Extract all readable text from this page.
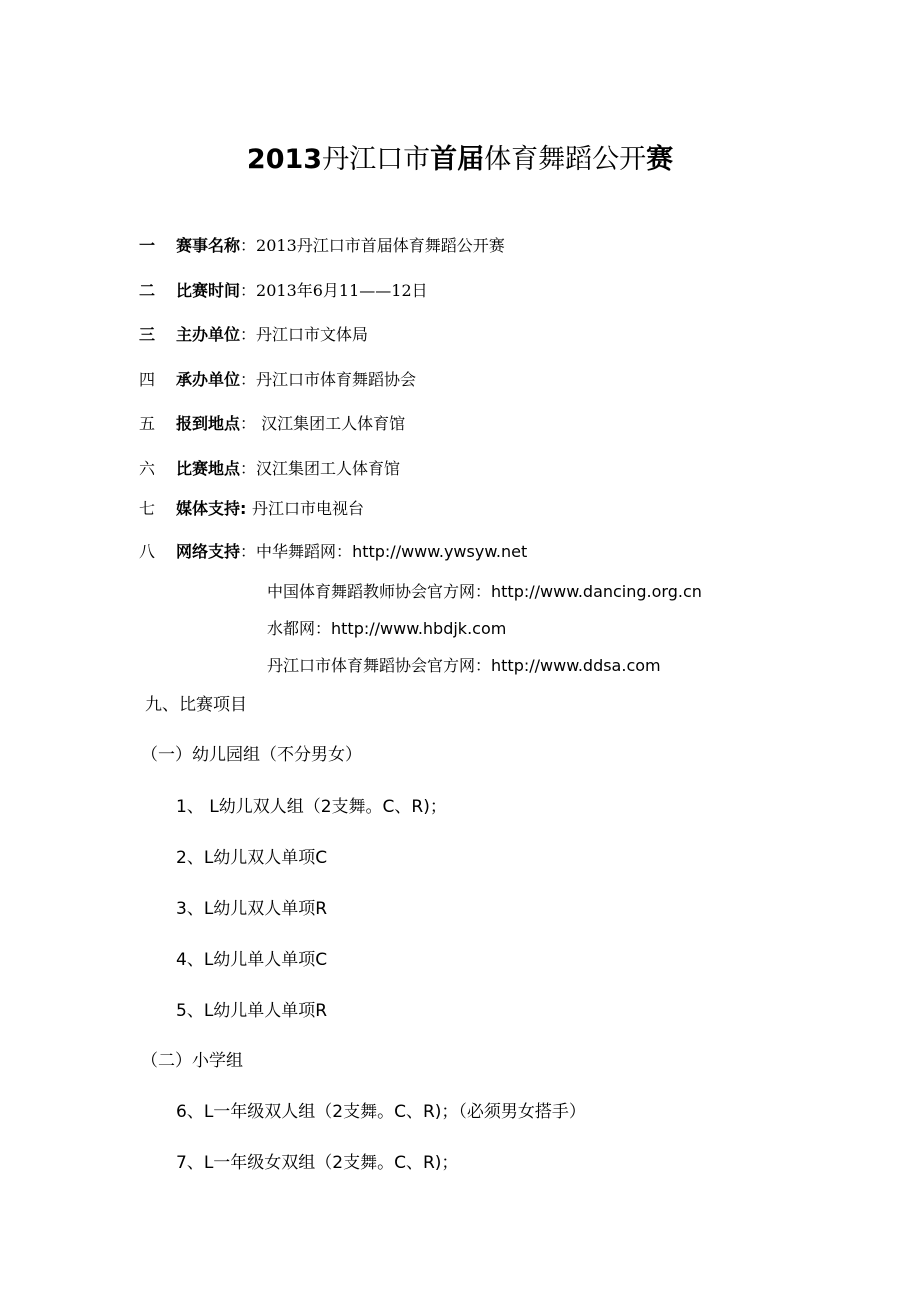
2013丹江口市首届体育舞蹈公开赛
一 赛事名称：2013丹江口市首届体育舞蹈公开赛
二 比赛时间：2013年6月11——12日
三 主办单位：丹江口市文体局
四 承办单位：丹江口市体育舞蹈协会
五 报到地点： 汉江集团工人体育馆
六 比赛地点：汉江集团工人体育馆
七 媒体支持: 丹江口市电视台
八 网络支持：中华舞蹈网：http://www.ywsyw.net
中国体育舞蹈教师协会官方网：http://www.dancing.org.cn
水都网：http://www.hbdjk.com
丹江口市体育舞蹈协会官方网：http://www.ddsa.com
九、比赛项目
（一）幼儿园组（不分男女）
1、 L幼儿双人组（2支舞。C、R)；
2、L幼儿双人单项C
3、L幼儿双人单项R
4、L幼儿单人单项C
5、L幼儿单人单项R
（二）小学组
6、L一年级双人组（2支舞。C、R)；（必须男女搭手）
7、L一年级女双组（2支舞。C、R)；
